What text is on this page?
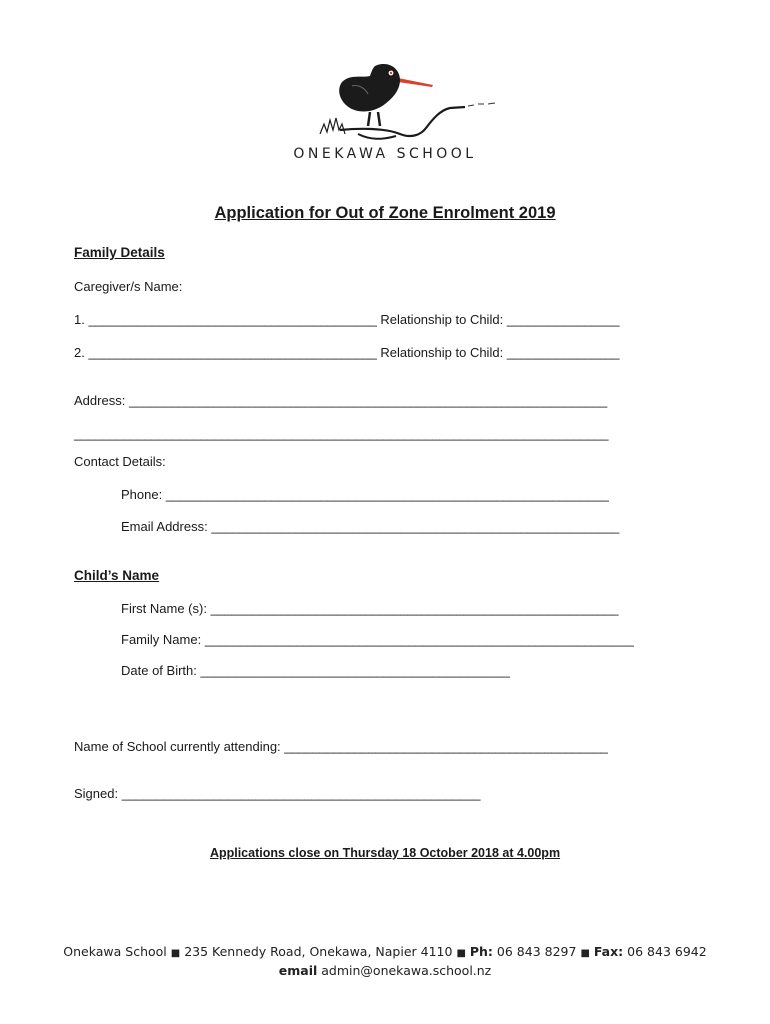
ONEKAWA SCHOOL
Application for Out of Zone Enrolment 2019
Family Details
Caregiver/s Name:
1. _________________________________________ Relationship to Child: ________________
2. _________________________________________ Relationship to Child: ________________
Address: ____________________________________________________________________
____________________________________________________________________________
Contact Details:
Phone: _______________________________________________________________
Email Address: __________________________________________________________
Child’s Name
First Name (s): __________________________________________________________
Family Name: _____________________________________________________________
Date of Birth: ____________________________________________
Name of School currently attending: ______________________________________________
Signed: ___________________________________________________
Applications close on Thursday 18 October 2018 at 4.00pm
Onekawa School ■ 235 Kennedy Road, Onekawa, Napier 4110 ■ Ph: 06 843 8297 ■ Fax: 06 843 6942
email admin@onekawa.school.nz
